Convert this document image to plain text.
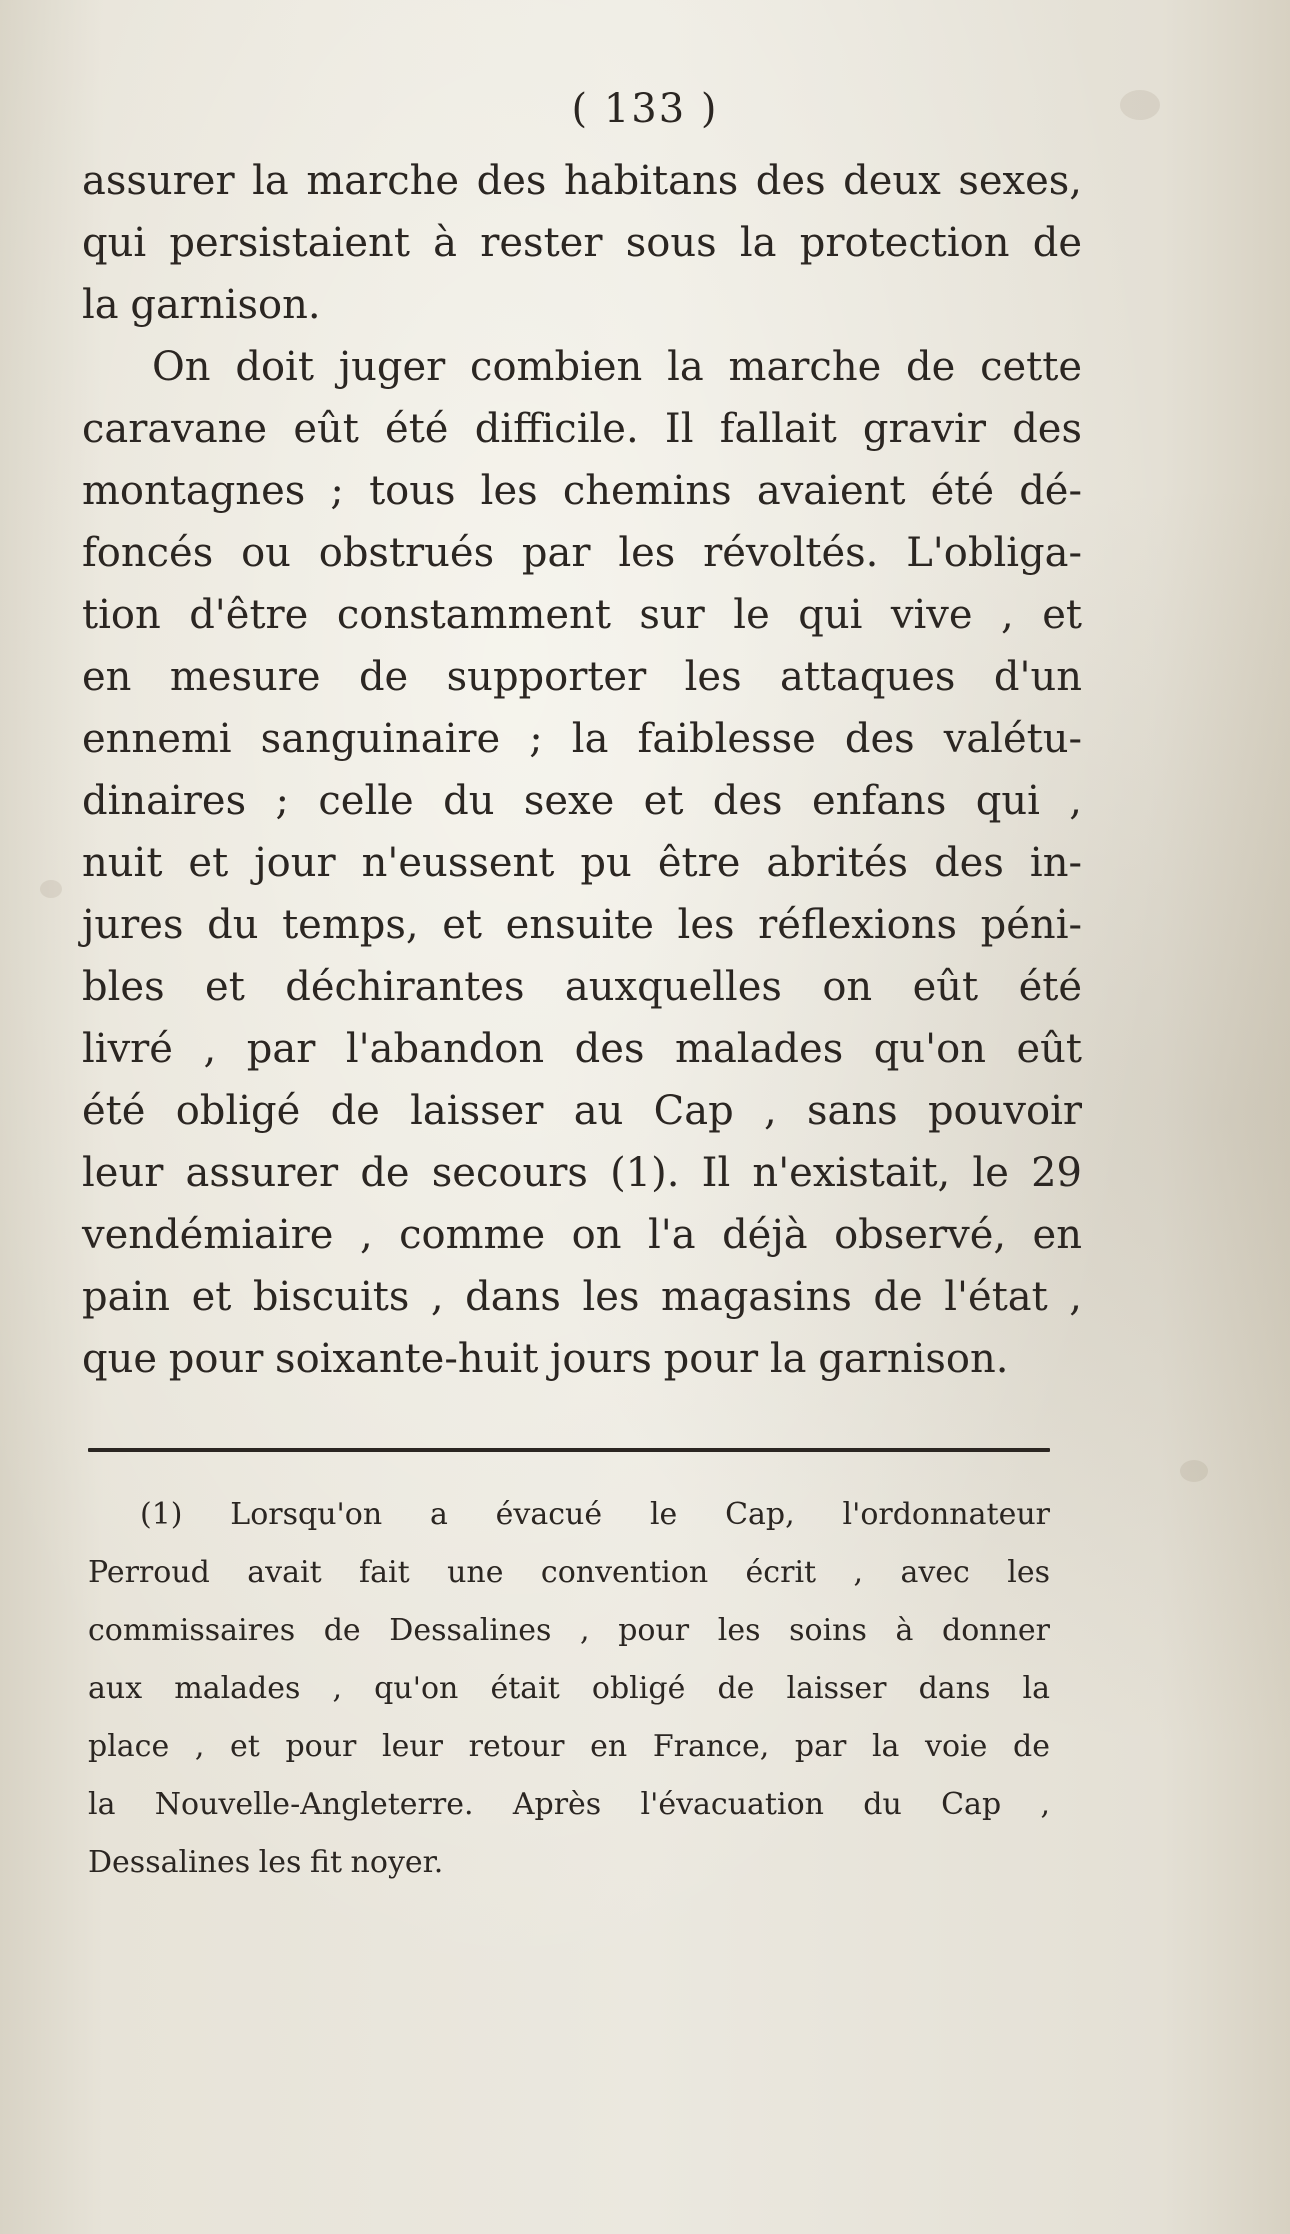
( 133 )
assurer la marche des habitans des deux sexes,
qui persistaient à rester sous la protection de
la garnison.
On doit juger combien la marche de cette
caravane eût été difficile. Il fallait gravir des
montagnes ; tous les chemins avaient été dé-
foncés ou obstrués par les révoltés. L'obliga-
tion d'être constamment sur le qui vive , et
en mesure de supporter les attaques d'un
ennemi sanguinaire ; la faiblesse des valétu-
dinaires ; celle du sexe et des enfans qui ,
nuit et jour n'eussent pu être abrités des in-
jures du temps, et ensuite les réflexions péni-
bles et déchirantes auxquelles on eût été
livré , par l'abandon des malades qu'on eût
été obligé de laisser au Cap , sans pouvoir
leur assurer de secours (1). Il n'existait, le 29
vendémiaire , comme on l'a déjà observé, en
pain et biscuits , dans les magasins de l'état ,
que pour soixante-huit jours pour la garnison.
(1) Lorsqu'on a évacué le Cap, l'ordonnateur
Perroud avait fait une convention écrit , avec les
commissaires de Dessalines , pour les soins à donner
aux malades , qu'on était obligé de laisser dans la
place , et pour leur retour en France, par la voie de
la Nouvelle-Angleterre. Après l'évacuation du Cap ,
Dessalines les fit noyer.
